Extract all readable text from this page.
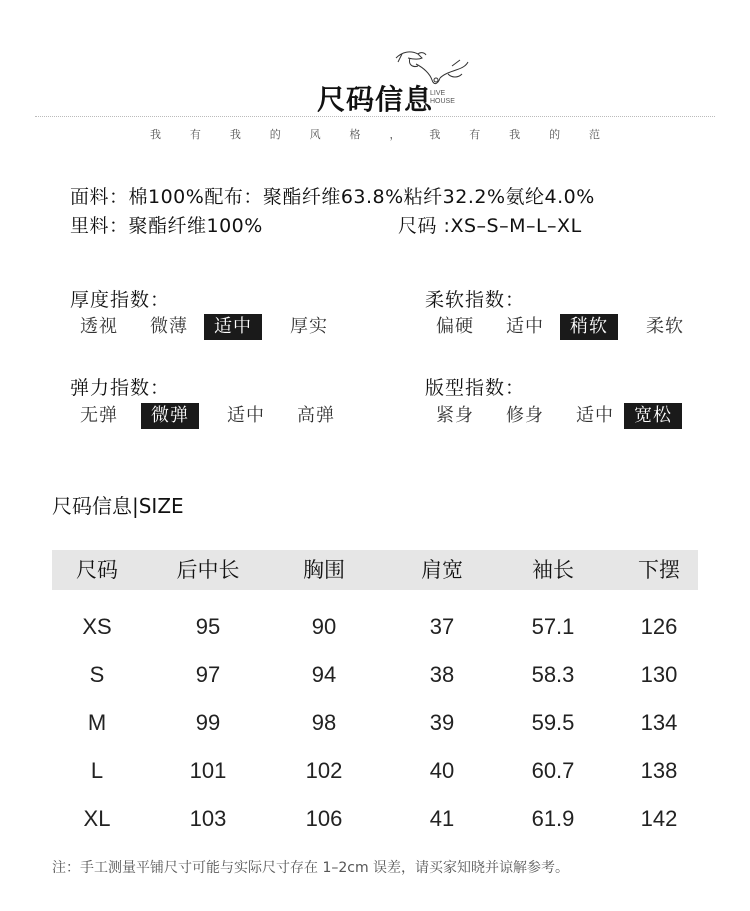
尺码信息
LIVE
HOUSE
我	有	我	的	风	格	，	我	有	我	的	范
面料：棉100%配布：聚酯纤维63.8%粘纤32.2%氨纶4.0%
里料：聚酯纤维100%	尺码 :XS–S–M–L–XL
厚度指数：
透视	微薄	适中	厚实
柔软指数：
偏硬	适中	稍软	柔软
弹力指数：
无弹	微弹	适中	高弹
版型指数：
紧身	修身	适中	宽松
尺码信息|SIZE
尺码	后中长	胸围	肩宽	袖长	下摆
XS	95	90	37	57.1	126
S	97	94	38	58.3	130
M	99	98	39	59.5	134
L	101	102	40	60.7	138
XL	103	106	41	61.9	142
注：手工测量平铺尺寸可能与实际尺寸存在 1–2cm 误差，请买家知晓并谅解参考。
